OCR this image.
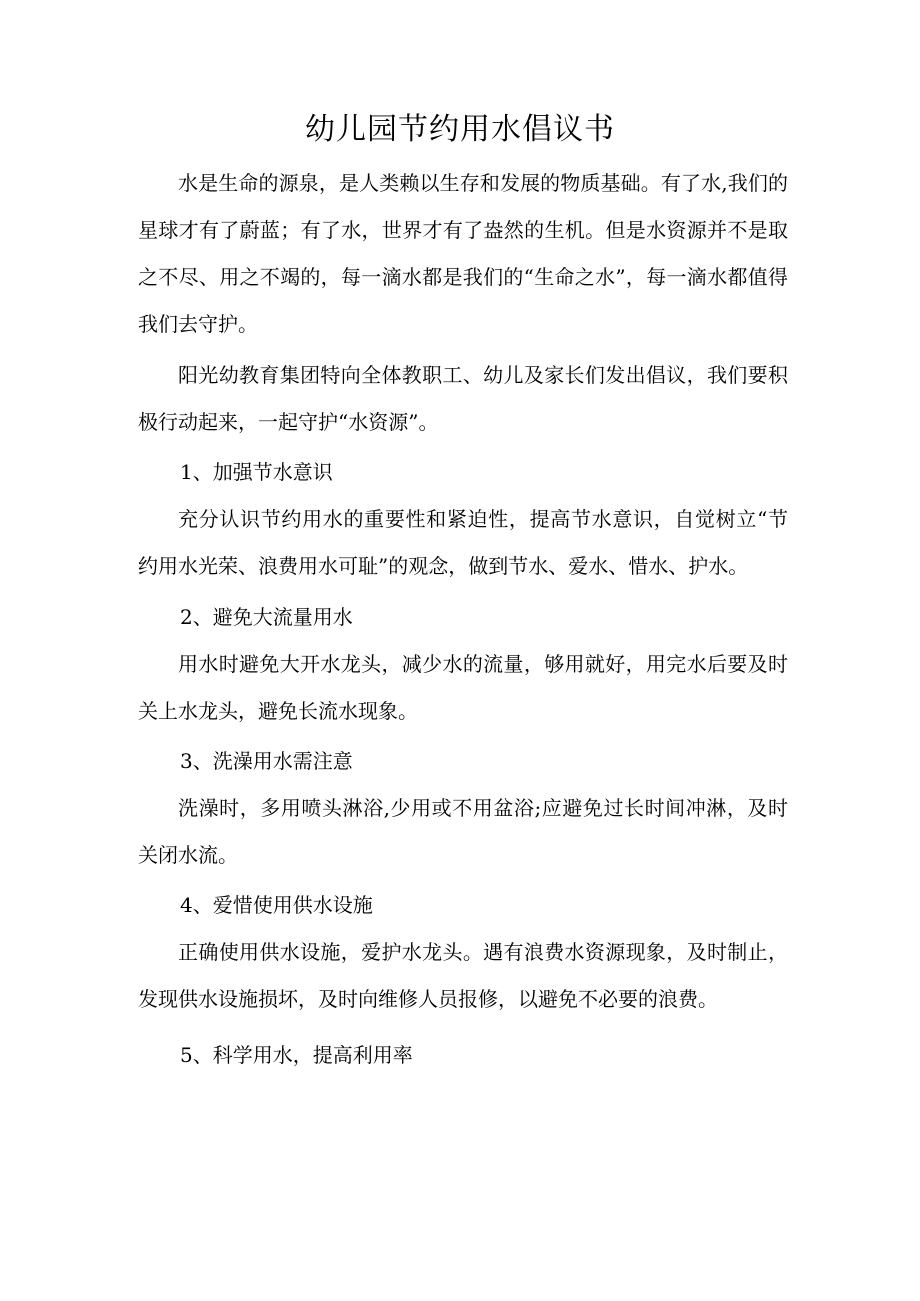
幼儿园节约用水倡议书

水是生命的源泉，是人类赖以生存和发展的物质基础。有了水,我们的星球才有了蔚蓝；有了水，世界才有了盎然的生机。但是水资源并不是取之不尽、用之不竭的，每一滴水都是我们的“生命之水”，每一滴水都值得我们去守护。

阳光幼教育集团特向全体教职工、幼儿及家长们发出倡议，我们要积极行动起来，一起守护“水资源”。

1、加强节水意识

充分认识节约用水的重要性和紧迫性，提高节水意识，自觉树立“节约用水光荣、浪费用水可耻”的观念，做到节水、爱水、惜水、护水。

2、避免大流量用水

用水时避免大开水龙头，减少水的流量，够用就好，用完水后要及时关上水龙头，避免长流水现象。

3、洗澡用水需注意

洗澡时，多用喷头淋浴,少用或不用盆浴;应避免过长时间冲淋，及时关闭水流。

4、爱惜使用供水设施

正确使用供水设施，爱护水龙头。遇有浪费水资源现象，及时制止，发现供水设施损坏，及时向维修人员报修，以避免不必要的浪费。

5、科学用水，提高利用率
